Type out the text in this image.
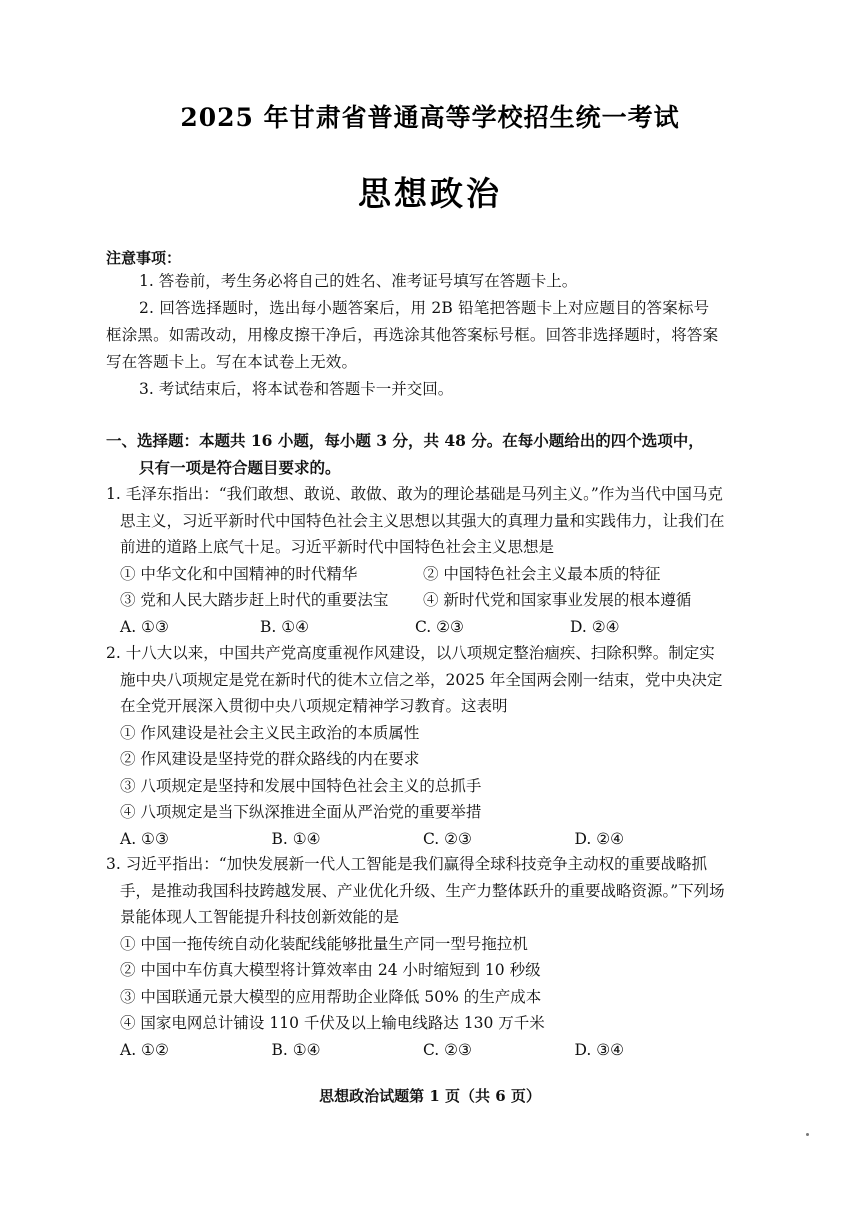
2025 年甘肃省普通高等学校招生统一考试
思想政治
注意事项：
1. 答卷前，考生务必将自己的姓名、准考证号填写在答题卡上。
2. 回答选择题时，选出每小题答案后，用 2B 铅笔把答题卡上对应题目的答案标号框涂黑。如需改动，用橡皮擦干净后，再选涂其他答案标号框。回答非选择题时，将答案写在答题卡上。写在本试卷上无效。
3. 考试结束后，将本试卷和答题卡一并交回。
一、选择题：本题共 16 小题，每小题 3 分，共 48 分。在每小题给出的四个选项中，
只有一项是符合题目要求的。
1. 毛泽东指出：“我们敢想、敢说、敢做、敢为的理论基础是马列主义。”作为当代中国马克思主义，习近平新时代中国特色社会主义思想以其强大的真理力量和实践伟力，让我们在前进的道路上底气十足。习近平新时代中国特色社会主义思想是
① 中华文化和中国精神的时代精华	② 中国特色社会主义最本质的特征
③ 党和人民大踏步赶上时代的重要法宝	④ 新时代党和国家事业发展的根本遵循
A. ①③	B. ①④	C. ②③	D. ②④
2. 十八大以来，中国共产党高度重视作风建设，以八项规定整治痼疾、扫除积弊。制定实施中央八项规定是党在新时代的徙木立信之举，2025 年全国两会刚一结束，党中央决定在全党开展深入贯彻中央八项规定精神学习教育。这表明
① 作风建设是社会主义民主政治的本质属性
② 作风建设是坚持党的群众路线的内在要求
③ 八项规定是坚持和发展中国特色社会主义的总抓手
④ 八项规定是当下纵深推进全面从严治党的重要举措
A. ①③	B. ①④	C. ②③	D. ②④
3. 习近平指出：“加快发展新一代人工智能是我们赢得全球科技竞争主动权的重要战略抓手，是推动我国科技跨越发展、产业优化升级、生产力整体跃升的重要战略资源。”下列场景能体现人工智能提升科技创新效能的是
① 中国一拖传统自动化装配线能够批量生产同一型号拖拉机
② 中国中车仿真大模型将计算效率由 24 小时缩短到 10 秒级
③ 中国联通元景大模型的应用帮助企业降低 50% 的生产成本
④ 国家电网总计铺设 110 千伏及以上输电线路达 130 万千米
A. ①②	B. ①④	C. ②③	D. ③④
思想政治试题第 1 页（共 6 页）
